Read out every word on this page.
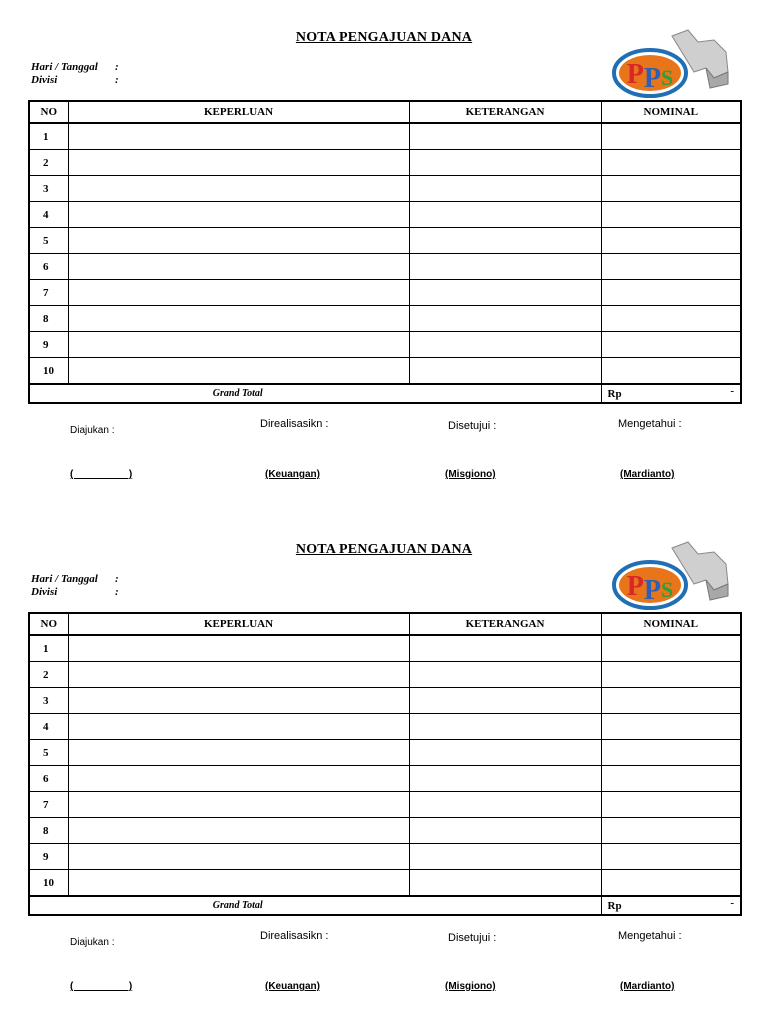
NOTA PENGAJUAN DANA
Hari / Tanggal :
Divisi	:	PPS
NO	KEPERLUAN	KETERANGAN	NOMINAL
1			
2			
3			
4			
5			
6			
7			
8			
9			
10			
Grand Total			Rp -
Diajukan :
Direalisasikn :	Disetujui :	Mengetahui :
(                    )	(Keuangan)	(Misgiono)	(Mardianto)
NOTA PENGAJUAN DANA
Hari / Tanggal :
Divisi	:	PPS
NO	KEPERLUAN	KETERANGAN	NOMINAL
1			
2			
3			
4			
5			
6			
7			
8			
9			
10			
Grand Total			Rp -
Diajukan :
Direalisasikn :	Disetujui :	Mengetahui :
(                    )	(Keuangan)	(Misgiono)	(Mardianto)
